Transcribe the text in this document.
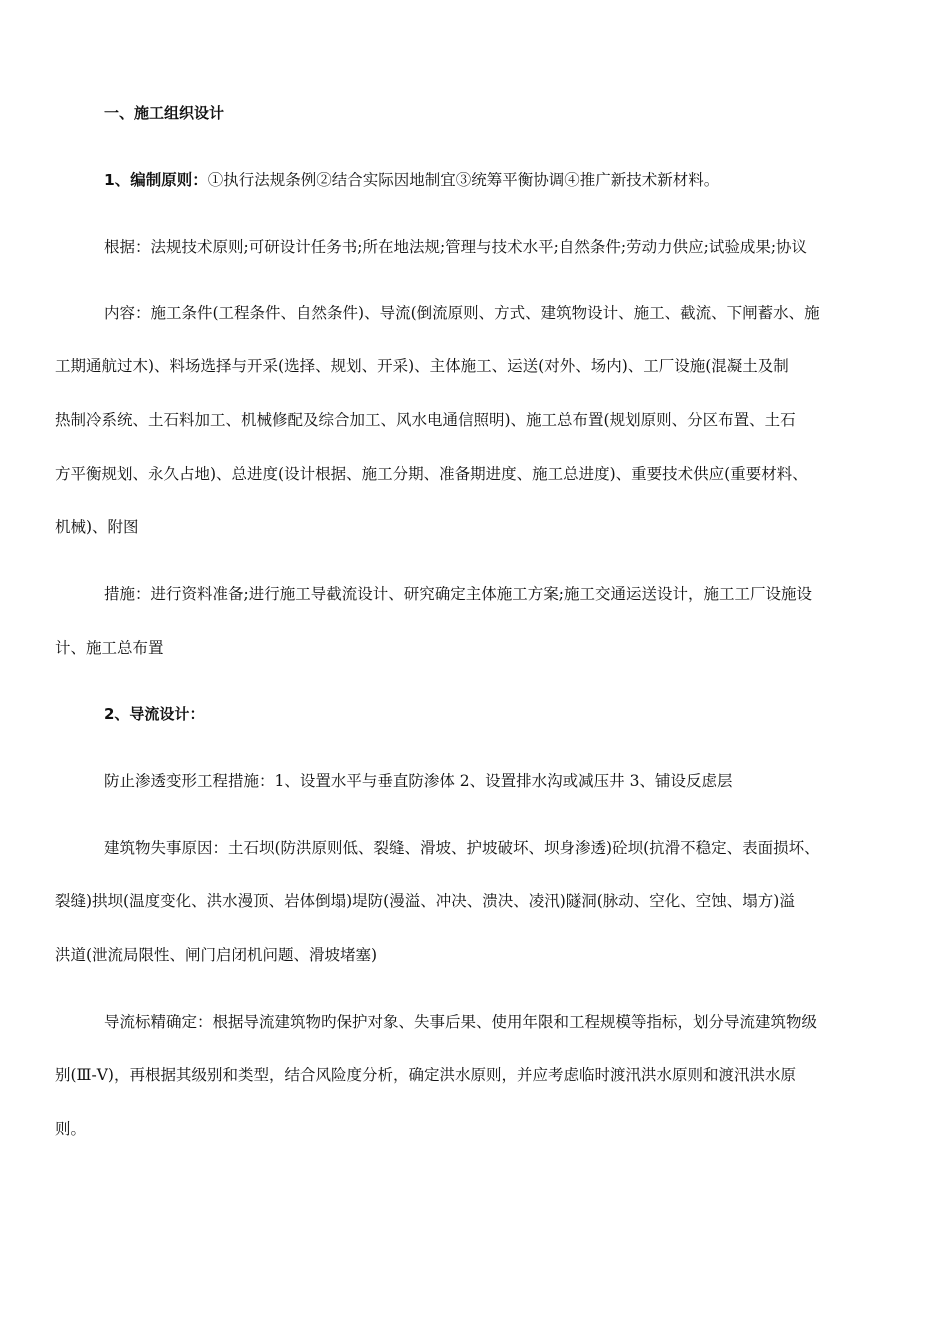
一、施工组织设计
1、编制原则：①执行法规条例②结合实际因地制宜③统筹平衡协调④推广新技术新材料。
根据：法规技术原则;可研设计任务书;所在地法规;管理与技术水平;自然条件;劳动力供应;试验成果;协议
内容：施工条件(工程条件、自然条件)、导流(倒流原则、方式、建筑物设计、施工、截流、下闸蓄水、施
工期通航过木)、料场选择与开采(选择、规划、开采)、主体施工、运送(对外、场内)、工厂设施(混凝土及制
热制冷系统、土石料加工、机械修配及综合加工、风水电通信照明)、施工总布置(规划原则、分区布置、土石
方平衡规划、永久占地)、总进度(设计根据、施工分期、准备期进度、施工总进度)、重要技术供应(重要材料、
机械)、附图
措施：进行资料准备;进行施工导截流设计、研究确定主体施工方案;施工交通运送设计，施工工厂设施设
计、施工总布置
2、导流设计：
防止渗透变形工程措施：1、设置水平与垂直防渗体 2、设置排水沟或减压井 3、铺设反虑层
建筑物失事原因：土石坝(防洪原则低、裂缝、滑坡、护坡破坏、坝身渗透)砼坝(抗滑不稳定、表面损坏、
裂缝)拱坝(温度变化、洪水漫顶、岩体倒塌)堤防(漫溢、冲决、溃决、凌汛)隧洞(脉动、空化、空蚀、塌方)溢
洪道(泄流局限性、闸门启闭机问题、滑坡堵塞)
导流标精确定：根据导流建筑物旳保护对象、失事后果、使用年限和工程规模等指标，划分导流建筑物级
别(Ⅲ-Ⅴ)，再根据其级别和类型，结合风险度分析，确定洪水原则，并应考虑临时渡汛洪水原则和渡汛洪水原
则。
